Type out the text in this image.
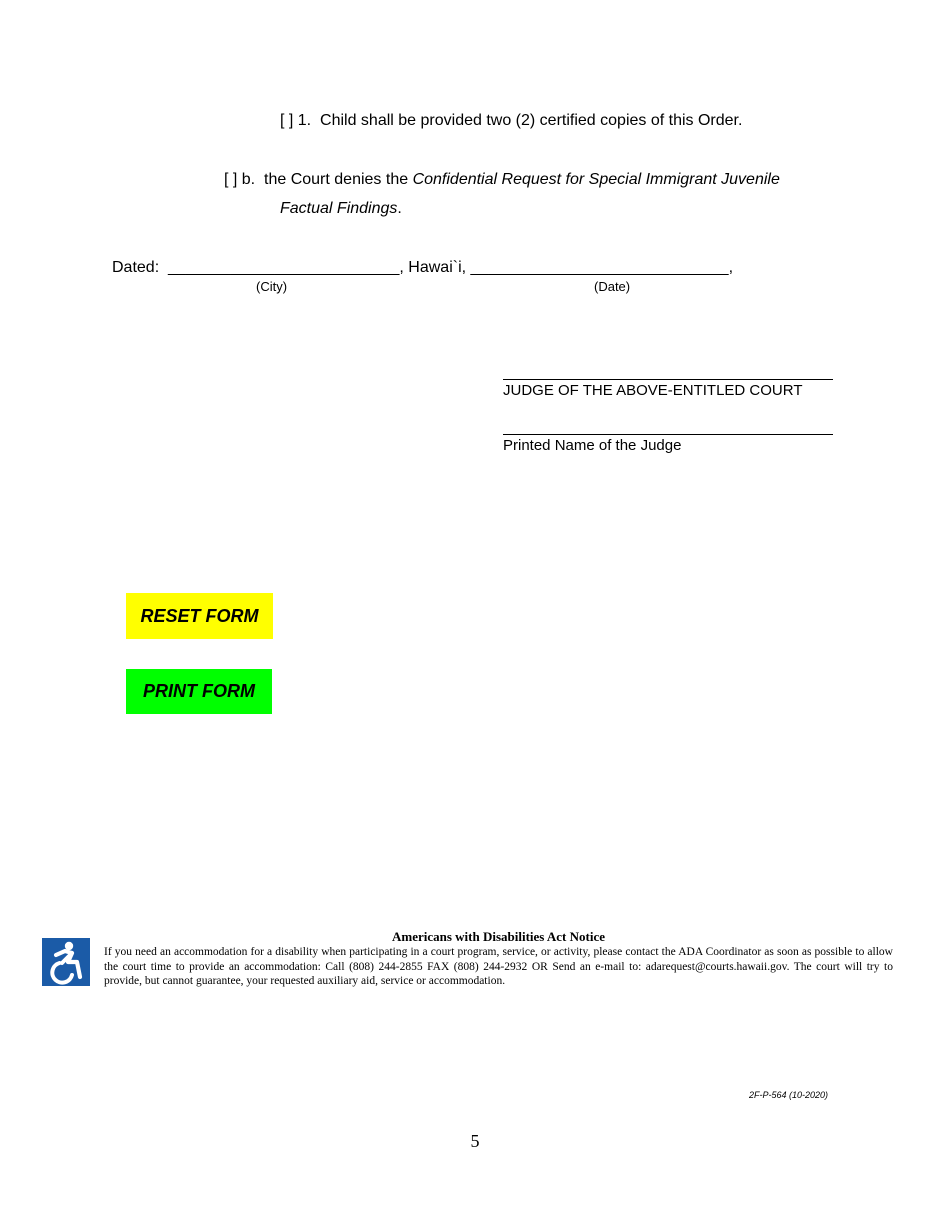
[ ] 1. Child shall be provided two (2) certified copies of this Order.
[ ] b. the Court denies the Confidential Request for Special Immigrant Juvenile
Factual Findings.
Dated: __________________________, Hawai`i, _____________________________,
(City)	(Date)
JUDGE OF THE ABOVE-ENTITLED COURT
Printed Name of the Judge
RESET FORM
PRINT FORM
Americans with Disabilities Act Notice
If you need an accommodation for a disability when participating in a court program, service, or activity, please contact the ADA Coordinator as soon as possible to allow the court time to provide an accommodation: Call (808) 244-2855 FAX (808) 244-2932 OR Send an e-mail to: adarequest@courts.hawaii.gov. The court will try to provide, but cannot guarantee, your requested auxiliary aid, service or accommodation.
2F-P-564 (10-2020)
5
